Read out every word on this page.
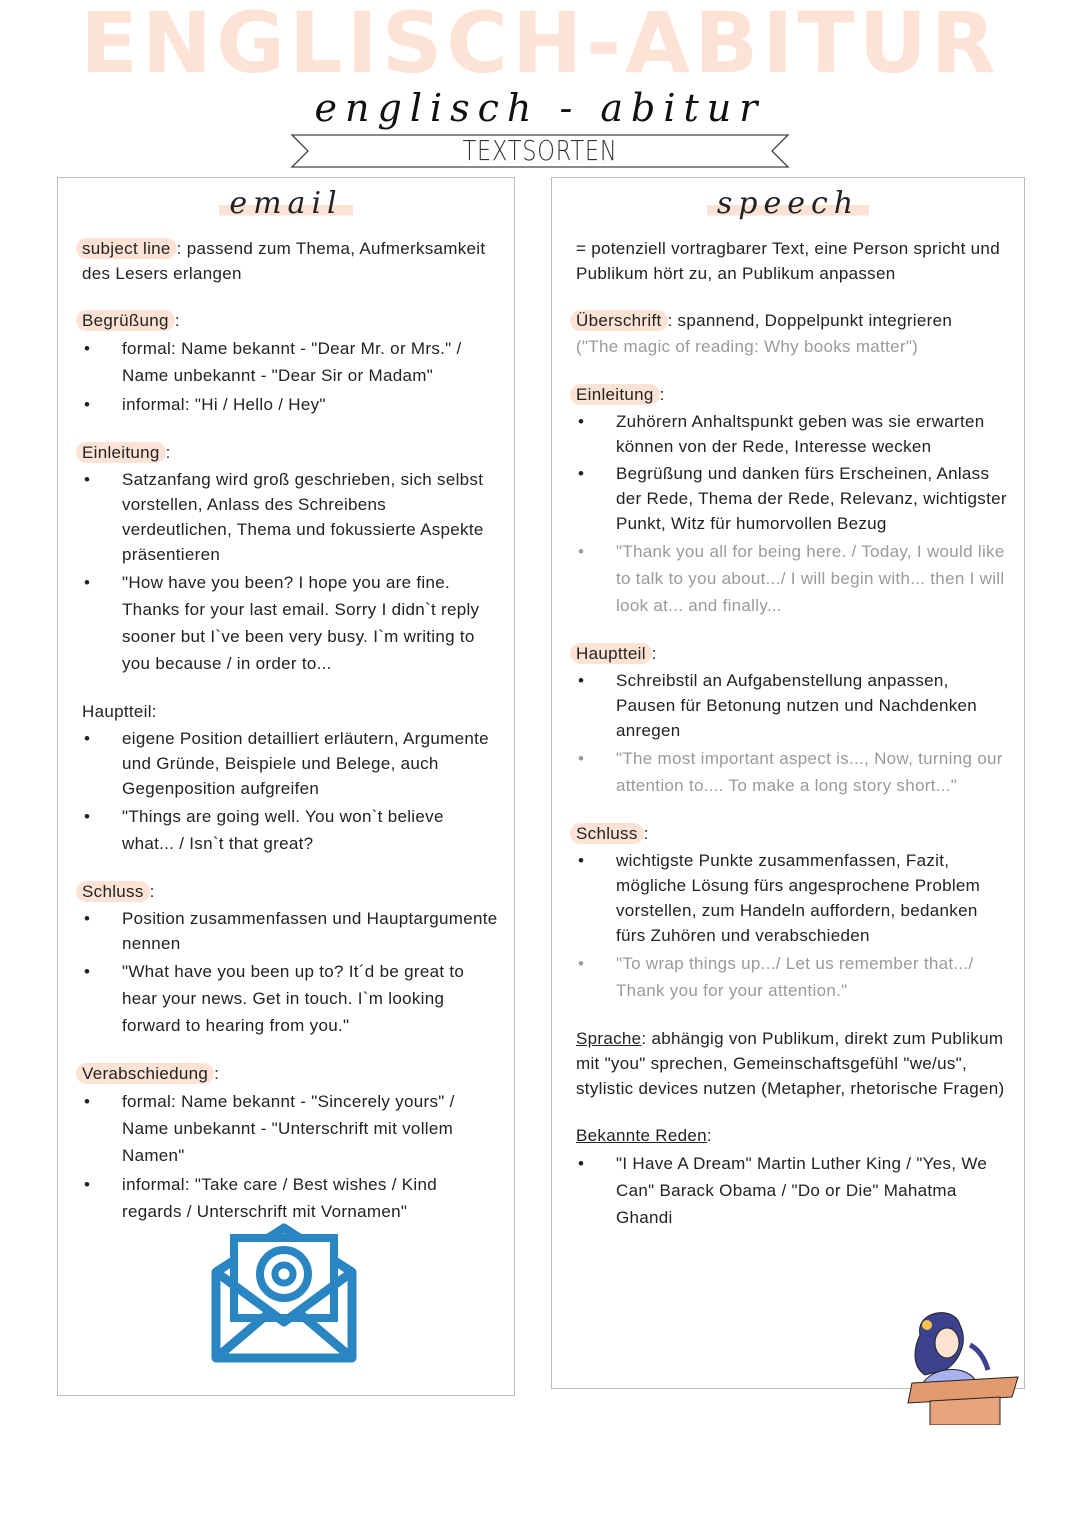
ENGLISCH-ABITUR
englisch - abitur
TEXTSORTEN
email
subject line : passend zum Thema, Aufmerksamkeit des Lesers erlangen
Begrüßung :
• formal: Name bekannt - "Dear Mr. or Mrs." / Name unbekannt - "Dear Sir or Madam"
• informal: "Hi / Hello / Hey"
Einleitung :
• Satzanfang wird groß geschrieben, sich selbst vorstellen, Anlass des Schreibens verdeutlichen, Thema und fokussierte Aspekte präsentieren
• "How have you been? I hope you are fine. Thanks for your last email. Sorry I didn`t reply sooner but I`ve been very busy. I`m writing to you because / in order to...
Hauptteil:
• eigene Position detailliert erläutern, Argumente und Gründe, Beispiele und Belege, auch Gegenposition aufgreifen
• "Things are going well. You won`t believe what... / Isn`t that great?
Schluss :
• Position zusammenfassen und Hauptargumente nennen
• "What have you been up to? It´d be great to hear your news. Get in touch. I`m looking forward to hearing from you."
Verabschiedung :
• formal: Name bekannt - "Sincerely yours" / Name unbekannt - "Unterschrift mit vollem Namen"
• informal: "Take care / Best wishes / Kind regards / Unterschrift mit Vornamen"
speech
= potenziell vortragbarer Text, eine Person spricht und Publikum hört zu, an Publikum anpassen
Überschrift : spannend, Doppelpunkt integrieren
("The magic of reading: Why books matter")
Einleitung :
• Zuhörern Anhaltspunkt geben was sie erwarten können von der Rede, Interesse wecken
• Begrüßung und danken fürs Erscheinen, Anlass der Rede, Thema der Rede, Relevanz, wichtigster Punkt, Witz für humorvollen Bezug
• "Thank you all for being here. / Today, I would like to talk to you about.../ I will begin with... then I will look at... and finally...
Hauptteil :
• Schreibstil an Aufgabenstellung anpassen, Pausen für Betonung nutzen und Nachdenken anregen
• "The most important aspect is..., Now, turning our attention to.... To make a long story short..."
Schluss :
• wichtigste Punkte zusammenfassen, Fazit, mögliche Lösung fürs angesprochene Problem vorstellen, zum Handeln auffordern, bedanken fürs Zuhören und verabschieden
• "To wrap things up.../ Let us remember that.../ Thank you for your attention."
Sprache: abhängig von Publikum, direkt zum Publikum mit "you" sprechen, Gemeinschaftsgefühl "we/us", stylistic devices nutzen (Metapher, rhetorische Fragen)
Bekannte Reden:
• "I Have A Dream" Martin Luther King / "Yes, We Can" Barack Obama / "Do or Die" Mahatma Ghandi
